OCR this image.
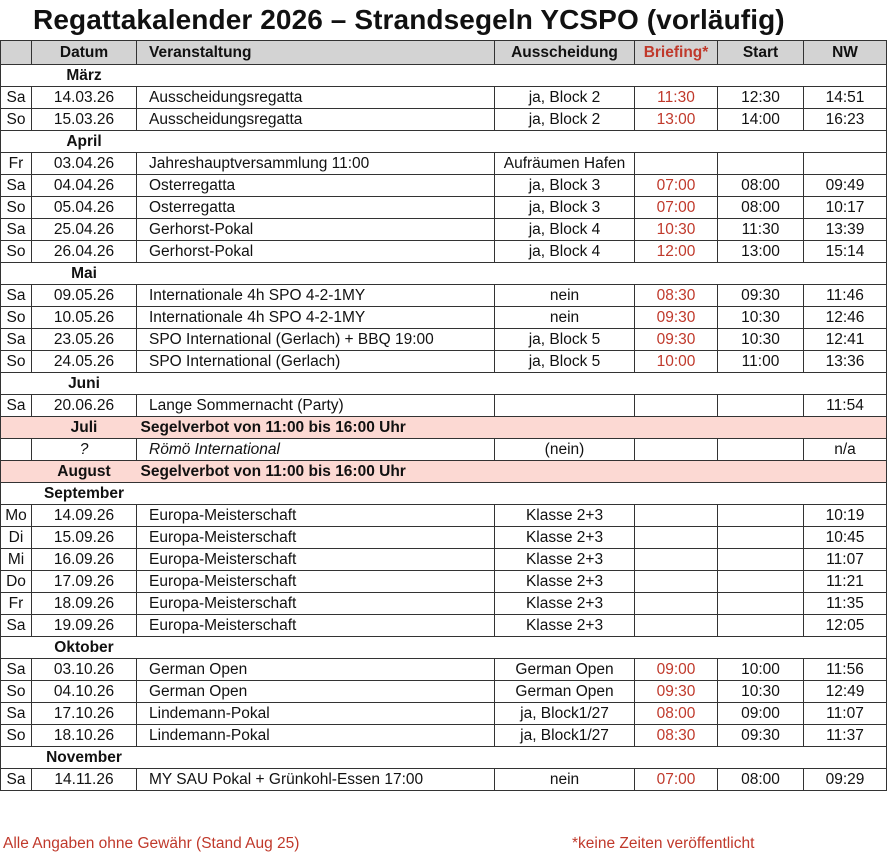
Regattakalender 2026 – Strandsegeln YCSPO (vorläufig)
	Datum	Veranstaltung	Ausscheidung	Briefing*	Start	NW
	März					
Sa	14.03.26	Ausscheidungsregatta	ja, Block 2	11:30	12:30	14:51
So	15.03.26	Ausscheidungsregatta	ja, Block 2	13:00	14:00	16:23
	April					
Fr	03.04.26	Jahreshauptversammlung 11:00	Aufräumen Hafen			
Sa	04.04.26	Osterregatta	ja, Block 3	07:00	08:00	09:49
So	05.04.26	Osterregatta	ja, Block 3	07:00	08:00	10:17
Sa	25.04.26	Gerhorst-Pokal	ja, Block 4	10:30	11:30	13:39
So	26.04.26	Gerhorst-Pokal	ja, Block 4	12:00	13:00	15:14
	Mai					
Sa	09.05.26	Internationale 4h SPO 4-2-1MY	nein	08:30	09:30	11:46
So	10.05.26	Internationale 4h SPO 4-2-1MY	nein	09:30	10:30	12:46
Sa	23.05.26	SPO International (Gerlach) + BBQ 19:00	ja, Block 5	09:30	10:30	12:41
So	24.05.26	SPO International (Gerlach)	ja, Block 5	10:00	11:00	13:36
	Juni					
Sa	20.06.26	Lange Sommernacht (Party)				11:54
	Juli	Segelverbot von 11:00 bis 16:00 Uhr				
	?	Römö International	(nein)			n/a
	August	Segelverbot von 11:00 bis 16:00 Uhr				
	September					
Mo	14.09.26	Europa-Meisterschaft	Klasse 2+3			10:19
Di	15.09.26	Europa-Meisterschaft	Klasse 2+3			10:45
Mi	16.09.26	Europa-Meisterschaft	Klasse 2+3			11:07
Do	17.09.26	Europa-Meisterschaft	Klasse 2+3			11:21
Fr	18.09.26	Europa-Meisterschaft	Klasse 2+3			11:35
Sa	19.09.26	Europa-Meisterschaft	Klasse 2+3			12:05
	Oktober					
Sa	03.10.26	German Open	German Open	09:00	10:00	11:56
So	04.10.26	German Open	German Open	09:30	10:30	12:49
Sa	17.10.26	Lindemann-Pokal	ja, Block1/27	08:00	09:00	11:07
So	18.10.26	Lindemann-Pokal	ja, Block1/27	08:30	09:30	11:37
	November					
Sa	14.11.26	MY SAU Pokal + Grünkohl-Essen 17:00	nein	07:00	08:00	09:29
Alle Angaben ohne Gewähr (Stand Aug 25)	*keine Zeiten veröffentlicht
